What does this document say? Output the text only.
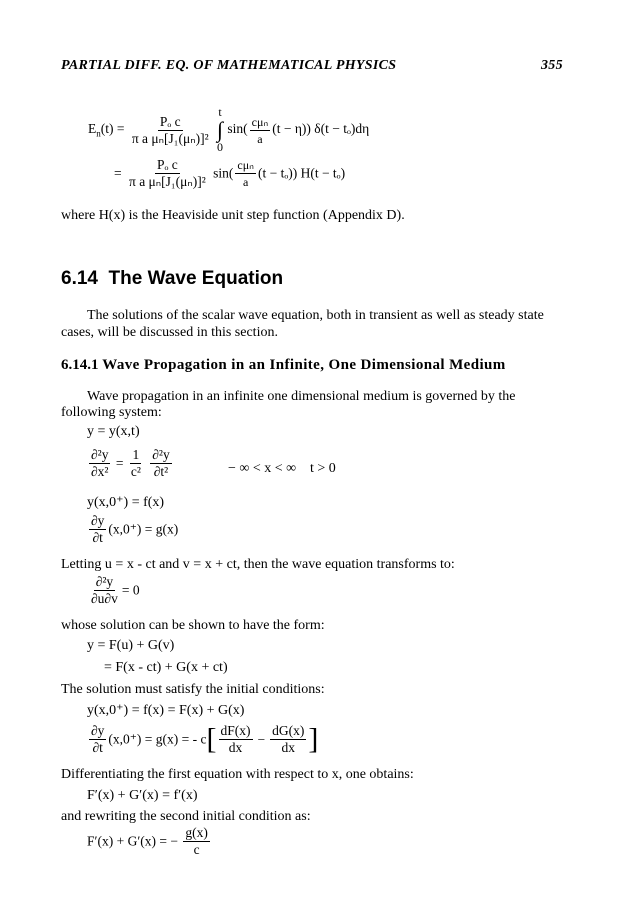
PARTIAL DIFF. EQ. OF MATHEMATICAL PHYSICS	355
$E_n(t) = \frac{\text{Pₒ c}}{\text{π a μₙ[J₁(μₙ)]²}}$

t
∫
0
$\sin( \frac{\text{cμₙ}}{a} (t - \eta))$ δ(t − tₒ)dη
= $\frac{\text{Pₒ c}}{\text{π a μₙ[J₁(μₙ)]²}} \sin( \frac{\text{cμₙ}}{a} (t - t_o)) H(t - t_o)$
where H(x) is the Heaviside unit step function (Appendix D).
6.14 The Wave Equation
The solutions of the scalar wave equation, both in transient as well as steady state
cases, will be discussed in this section.
6.14.1 Wave Propagation in an Infinite, One Dimensional Medium
Wave propagation in an infinite one dimensional medium is governed by the
following system:
y = y(x,t)
$\frac{\text{∂²y}}{\text{∂x²}} = \frac{1}{\text{c²}}$
$\frac{\text{∂²y}}{\text{∂t²}}$	− ∞ < x < ∞ t > 0
y(x,0⁺) = f(x)
$\frac{\partial y}{\partial t} (x,0^+) = g(x)$
Letting u = x - ct and v = x + ct, then the wave equation transforms to:
$\frac{\text{∂²y}}{\partial u\partial v} = 0$
whose solution can be shown to have the form:
y = F(u) + G(v)
= F(x - ct) + G(x + ct)
The solution must satisfy the initial conditions:
y(x,0⁺) = f(x) = F(x) + G(x)
$\frac{\partial y}{\partial t} (x,0^+) = g(x)$ = - $c[ \frac{dF(x)}{dx} - \frac{dG(x)}{dx}$ ]
Differentiating the first equation with respect to x, one obtains:
F′(x) + G′(x) = f′(x)
and rewriting the second initial condition as:
F′(x) + G′(x) = − $\frac{g(x)}{c}$
